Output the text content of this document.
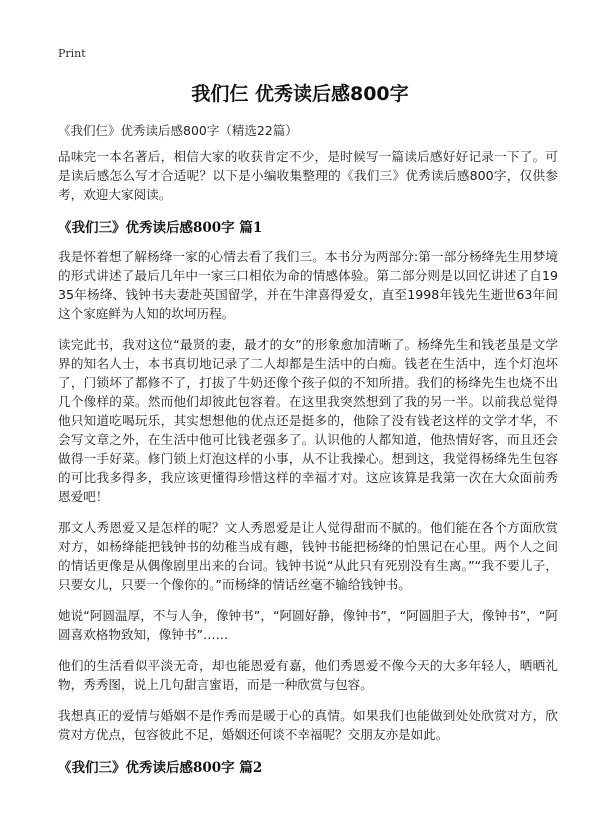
Print
我们仨 优秀读后感800字
《我们仨》优秀读后感800字（精选22篇）

品味完一本名著后，相信大家的收获肯定不少，是时候写一篇读后感好好记录一下了。可是读后感怎么写才合适呢？以下是小编收集整理的《我们三》优秀读后感800字，仅供参考，欢迎大家阅读。

《我们三》优秀读后感800字 篇1

我是怀着想了解杨绛一家的心情去看了我们三。本书分为两部分:第一部分杨绛先生用梦境的形式讲述了最后几年中一家三口相依为命的情感体验。第二部分则是以回忆讲述了自1935年杨绛、钱钟书夫妻赴英国留学，并在牛津喜得爱女，直至1998年钱先生逝世63年间这个家庭鲜为人知的坎坷历程。

读完此书，我对这位“最贤的妻，最才的女”的形象愈加清晰了。杨绛先生和钱老虽是文学界的知名人士，本书真切地记录了二人却都是生活中的白痴。钱老在生活中，连个灯泡坏了，门锁坏了都修不了，打拔了牛奶还像个孩子似的不知所措。我们的杨绛先生也烧不出几个像样的菜。然而他们却彼此包容着。在这里我突然想到了我的另一半。以前我总觉得他只知道吃喝玩乐，其实想想他的优点还是挺多的，他除了没有钱老这样的文学才华，不会写文章之外，在生活中他可比钱老强多了。认识他的人都知道，他热情好客，而且还会做得一手好菜。修门锁上灯泡这样的小事，从不让我操心。想到这，我觉得杨绛先生包容的可比我多得多，我应该更懂得珍惜这样的幸福才对。这应该算是我第一次在大众面前秀恩爱吧！

那文人秀恩爱又是怎样的呢？文人秀恩爱是让人觉得甜而不腻的。他们能在各个方面欣赏对方，如杨绛能把钱钟书的幼稚当成有趣，钱钟书能把杨绛的怕黑记在心里。两个人之间的情话更像是从偶像剧里出来的台词。钱钟书说“从此只有死别没有生离。”“我不要儿子，只要女儿，只要一个像你的。”而杨绛的情话丝毫不输给钱钟书。

她说“阿圆温厚，不与人争，像钟书”，“阿圆好静，像钟书”，“阿圆胆子大，像钟书”，“阿圆喜欢格物致知，像钟书”……

他们的生活看似平淡无奇，却也能恩爱有嘉，他们秀恩爱不像今天的大多年轻人，晒晒礼物，秀秀图，说上几句甜言蜜语，而是一种欣赏与包容。

我想真正的爱情与婚姻不是作秀而是暖于心的真情。如果我们也能做到处处欣赏对方，欣赏对方优点，包容彼此不足，婚姻还何谈不幸福呢？交朋友亦是如此。

《我们三》优秀读后感800字 篇2
